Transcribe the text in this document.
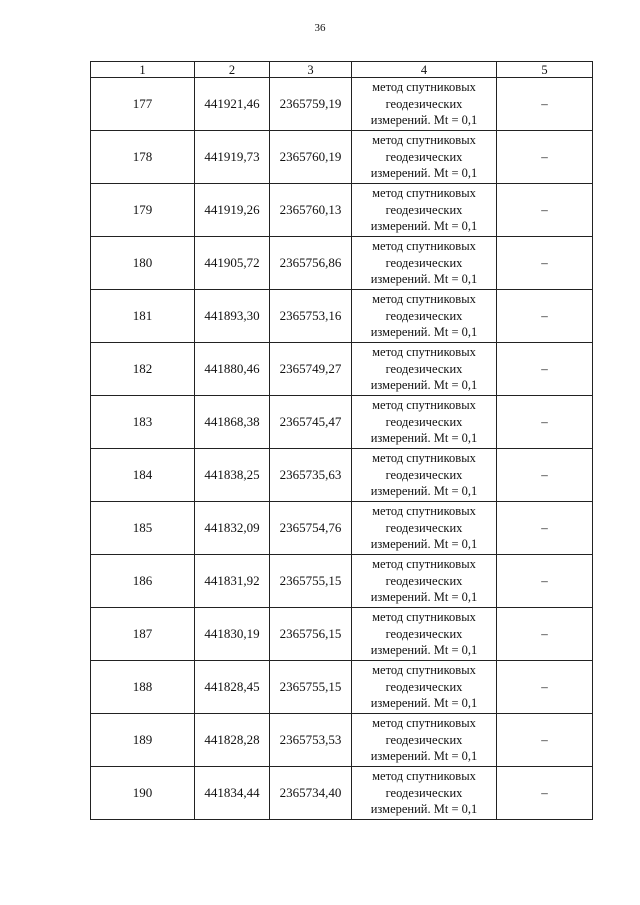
36
1	2	3	4	5
177	441921,46	2365759,19	метод спутниковых
геодезических
измерений. Mt = 0,1	–
178	441919,73	2365760,19	метод спутниковых
геодезических
измерений. Mt = 0,1	–
179	441919,26	2365760,13	метод спутниковых
геодезических
измерений. Mt = 0,1	–
180	441905,72	2365756,86	метод спутниковых
геодезических
измерений. Mt = 0,1	–
181	441893,30	2365753,16	метод спутниковых
геодезических
измерений. Mt = 0,1	–
182	441880,46	2365749,27	метод спутниковых
геодезических
измерений. Mt = 0,1	–
183	441868,38	2365745,47	метод спутниковых
геодезических
измерений. Mt = 0,1	–
184	441838,25	2365735,63	метод спутниковых
геодезических
измерений. Mt = 0,1	–
185	441832,09	2365754,76	метод спутниковых
геодезических
измерений. Mt = 0,1	–
186	441831,92	2365755,15	метод спутниковых
геодезических
измерений. Mt = 0,1	–
187	441830,19	2365756,15	метод спутниковых
геодезических
измерений. Mt = 0,1	–
188	441828,45	2365755,15	метод спутниковых
геодезических
измерений. Mt = 0,1	–
189	441828,28	2365753,53	метод спутниковых
геодезических
измерений. Mt = 0,1	–
190	441834,44	2365734,40	метод спутниковых
геодезических
измерений. Mt = 0,1	–
